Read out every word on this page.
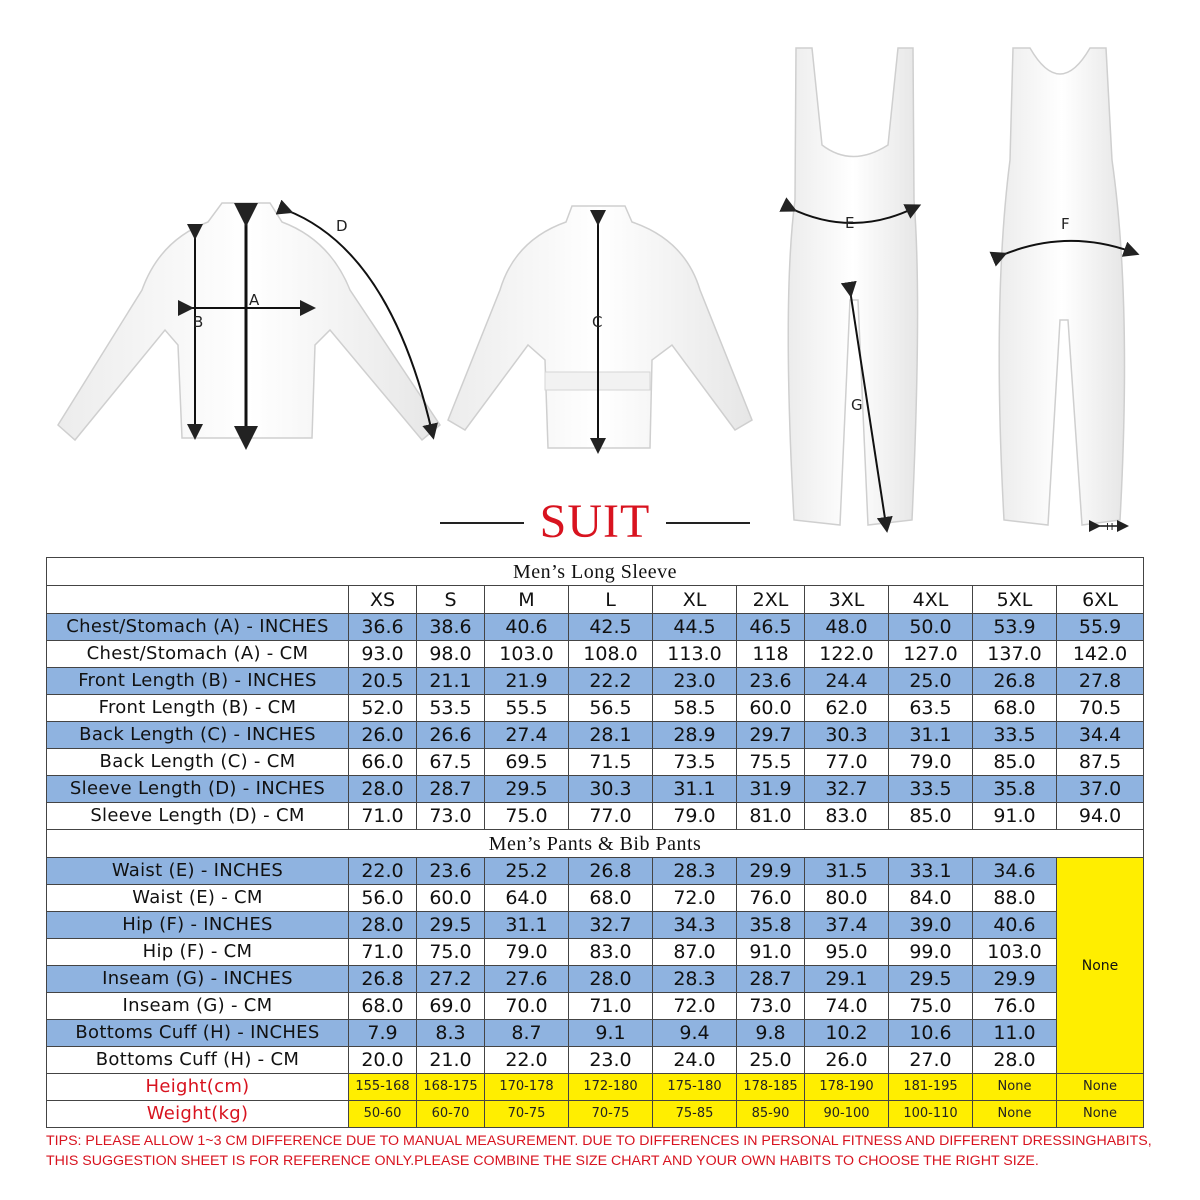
A
B
D
C
E
G
F
H
SUIT
Men’s Long Sleeve										
	XS	S	M	L	XL	2XL	3XL	4XL	5XL	6XL
Chest/Stomach (A) - INCHES	36.6	38.6	40.6	42.5	44.5	46.5	48.0	50.0	53.9	55.9
Chest/Stomach (A) - CM	93.0	98.0	103.0	108.0	113.0	118	122.0	127.0	137.0	142.0
Front Length (B) - INCHES	20.5	21.1	21.9	22.2	23.0	23.6	24.4	25.0	26.8	27.8
Front Length (B) - CM	52.0	53.5	55.5	56.5	58.5	60.0	62.0	63.5	68.0	70.5
Back Length (C) - INCHES	26.0	26.6	27.4	28.1	28.9	29.7	30.3	31.1	33.5	34.4
Back Length (C) - CM	66.0	67.5	69.5	71.5	73.5	75.5	77.0	79.0	85.0	87.5
Sleeve Length (D) - INCHES	28.0	28.7	29.5	30.3	31.1	31.9	32.7	33.5	35.8	37.0
Sleeve Length (D) - CM	71.0	73.0	75.0	77.0	79.0	81.0	83.0	85.0	91.0	94.0
Men’s Pants & Bib Pants										
Waist (E) - INCHES	22.0	23.6	25.2	26.8	28.3	29.9	31.5	33.1	34.6	None
Waist (E) - CM	56.0	60.0	64.0	68.0	72.0	76.0	80.0	84.0	88.0	
Hip (F) - INCHES	28.0	29.5	31.1	32.7	34.3	35.8	37.4	39.0	40.6	
Hip (F) - CM	71.0	75.0	79.0	83.0	87.0	91.0	95.0	99.0	103.0	
Inseam (G) - INCHES	26.8	27.2	27.6	28.0	28.3	28.7	29.1	29.5	29.9	
Inseam (G) - CM	68.0	69.0	70.0	71.0	72.0	73.0	74.0	75.0	76.0	
Bottoms Cuff (H) - INCHES	7.9	8.3	8.7	9.1	9.4	9.8	10.2	10.6	11.0	
Bottoms Cuff (H) - CM	20.0	21.0	22.0	23.0	24.0	25.0	26.0	27.0	28.0	
Height(cm)	155-168	168-175	170-178	172-180	175-180	178-185	178-190	181-195	None	None
Weight(kg)	50-60	60-70	70-75	70-75	75-85	85-90	90-100	100-110	None	None
TIPS: PLEASE ALLOW 1~3 CM DIFFERENCE DUE TO MANUAL MEASUREMENT. DUE TO DIFFERENCES IN PERSONAL FITNESS AND DIFFERENT DRESSINGHABITS, THIS SUGGESTION SHEET IS FOR REFERENCE ONLY.PLEASE COMBINE THE SIZE CHART AND YOUR OWN HABITS TO CHOOSE THE RIGHT SIZE.
